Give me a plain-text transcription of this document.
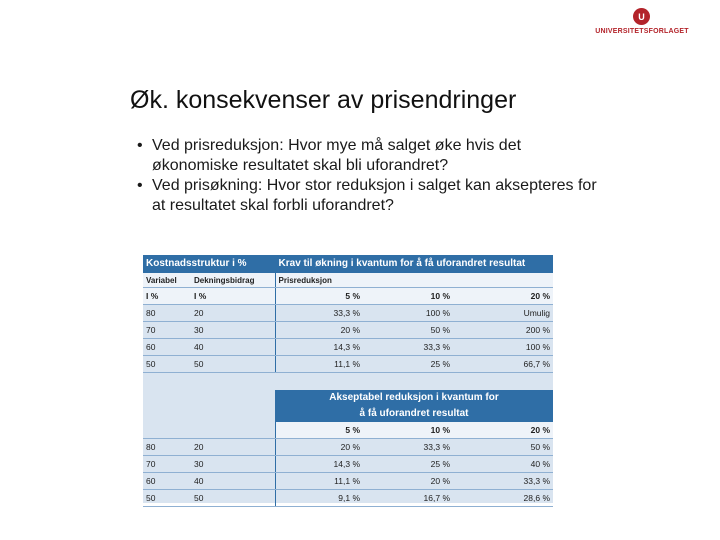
U
UNIVERSITETSFORLAGET
Øk. konsekvenser av prisendringer
• Ved prisreduksjon: Hvor mye må salget øke hvis det økonomiske resultatet skal bli uforandret?
• Ved prisøkning: Hvor stor reduksjon i salget kan aksepteres for at resultatet skal forbli uforandret?
Kostnadsstruktur i %		Krav til økning i kvantum for å få uforandret resultat		
Variabel	Dekningsbidrag	Prisreduksjon		
I %	I %	5 %	10 %	20 %
80	20	33,3 %	100 %	Umulig
70	30	20 %	50 %	200 %
60	40	14,3 %	33,3 %	100 %
50	50	11,1 %	25 %	66,7 %

		Akseptabel reduksjon i kvantum for		
		å få uforandret resultat		
		5 %	10 %	20 %
80	20	20 %	33,3 %	50 %
70	30	14,3 %	25 %	40 %
60	40	11,1 %	20 %	33,3 %
50	50	9,1 %	16,7 %	28,6 %
